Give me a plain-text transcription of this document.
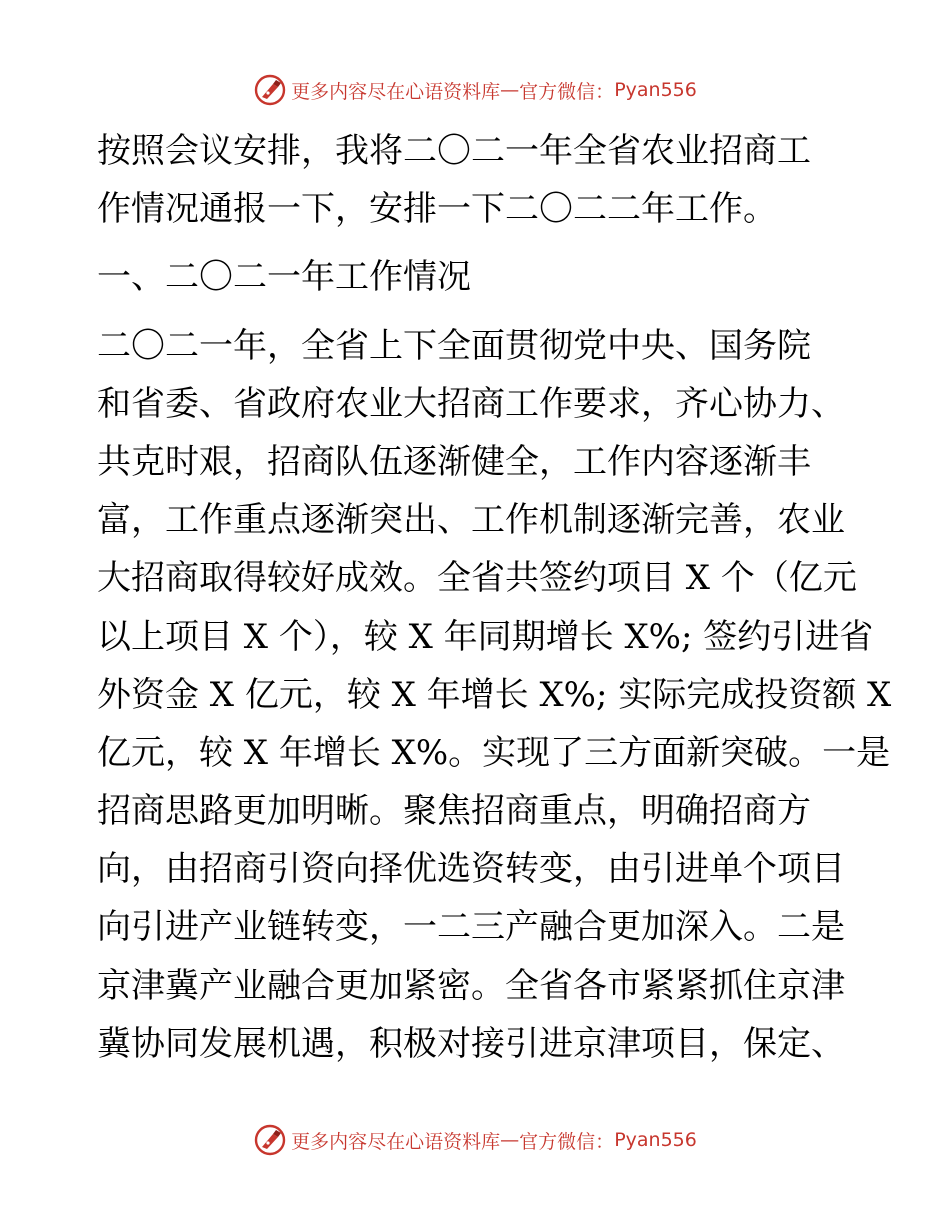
更多内容尽在心语资料库 — 官方微信： Pyan556
按照会议安排，我将二〇二一年全省农业招商工
作情况通报一下，安排一下二〇二二年工作。
一、二〇二一年工作情况
二〇二一年，全省上下全面贯彻党中央、国务院
和省委、省政府农业大招商工作要求，齐心协力、
共克时艰，招商队伍逐渐健全，工作内容逐渐丰
富，工作重点逐渐突出、工作机制逐渐完善，农业
大招商取得较好成效。全省共签约项目 X 个（亿元
以上项目 X 个），较 X 年同期增长 X%; 签约引进省
外资金 X 亿元，较 X 年增长 X%; 实际完成投资额 X
亿元，较 X 年增长 X%。实现了三方面新突破。一是
招商思路更加明晰。聚焦招商重点，明确招商方
向，由招商引资向择优选资转变，由引进单个项目
向引进产业链转变，一二三产融合更加深入。二是
京津冀产业融合更加紧密。全省各市紧紧抓住京津
冀协同发展机遇，积极对接引进京津项目，保定、
更多内容尽在心语资料库 — 官方微信： Pyan556
